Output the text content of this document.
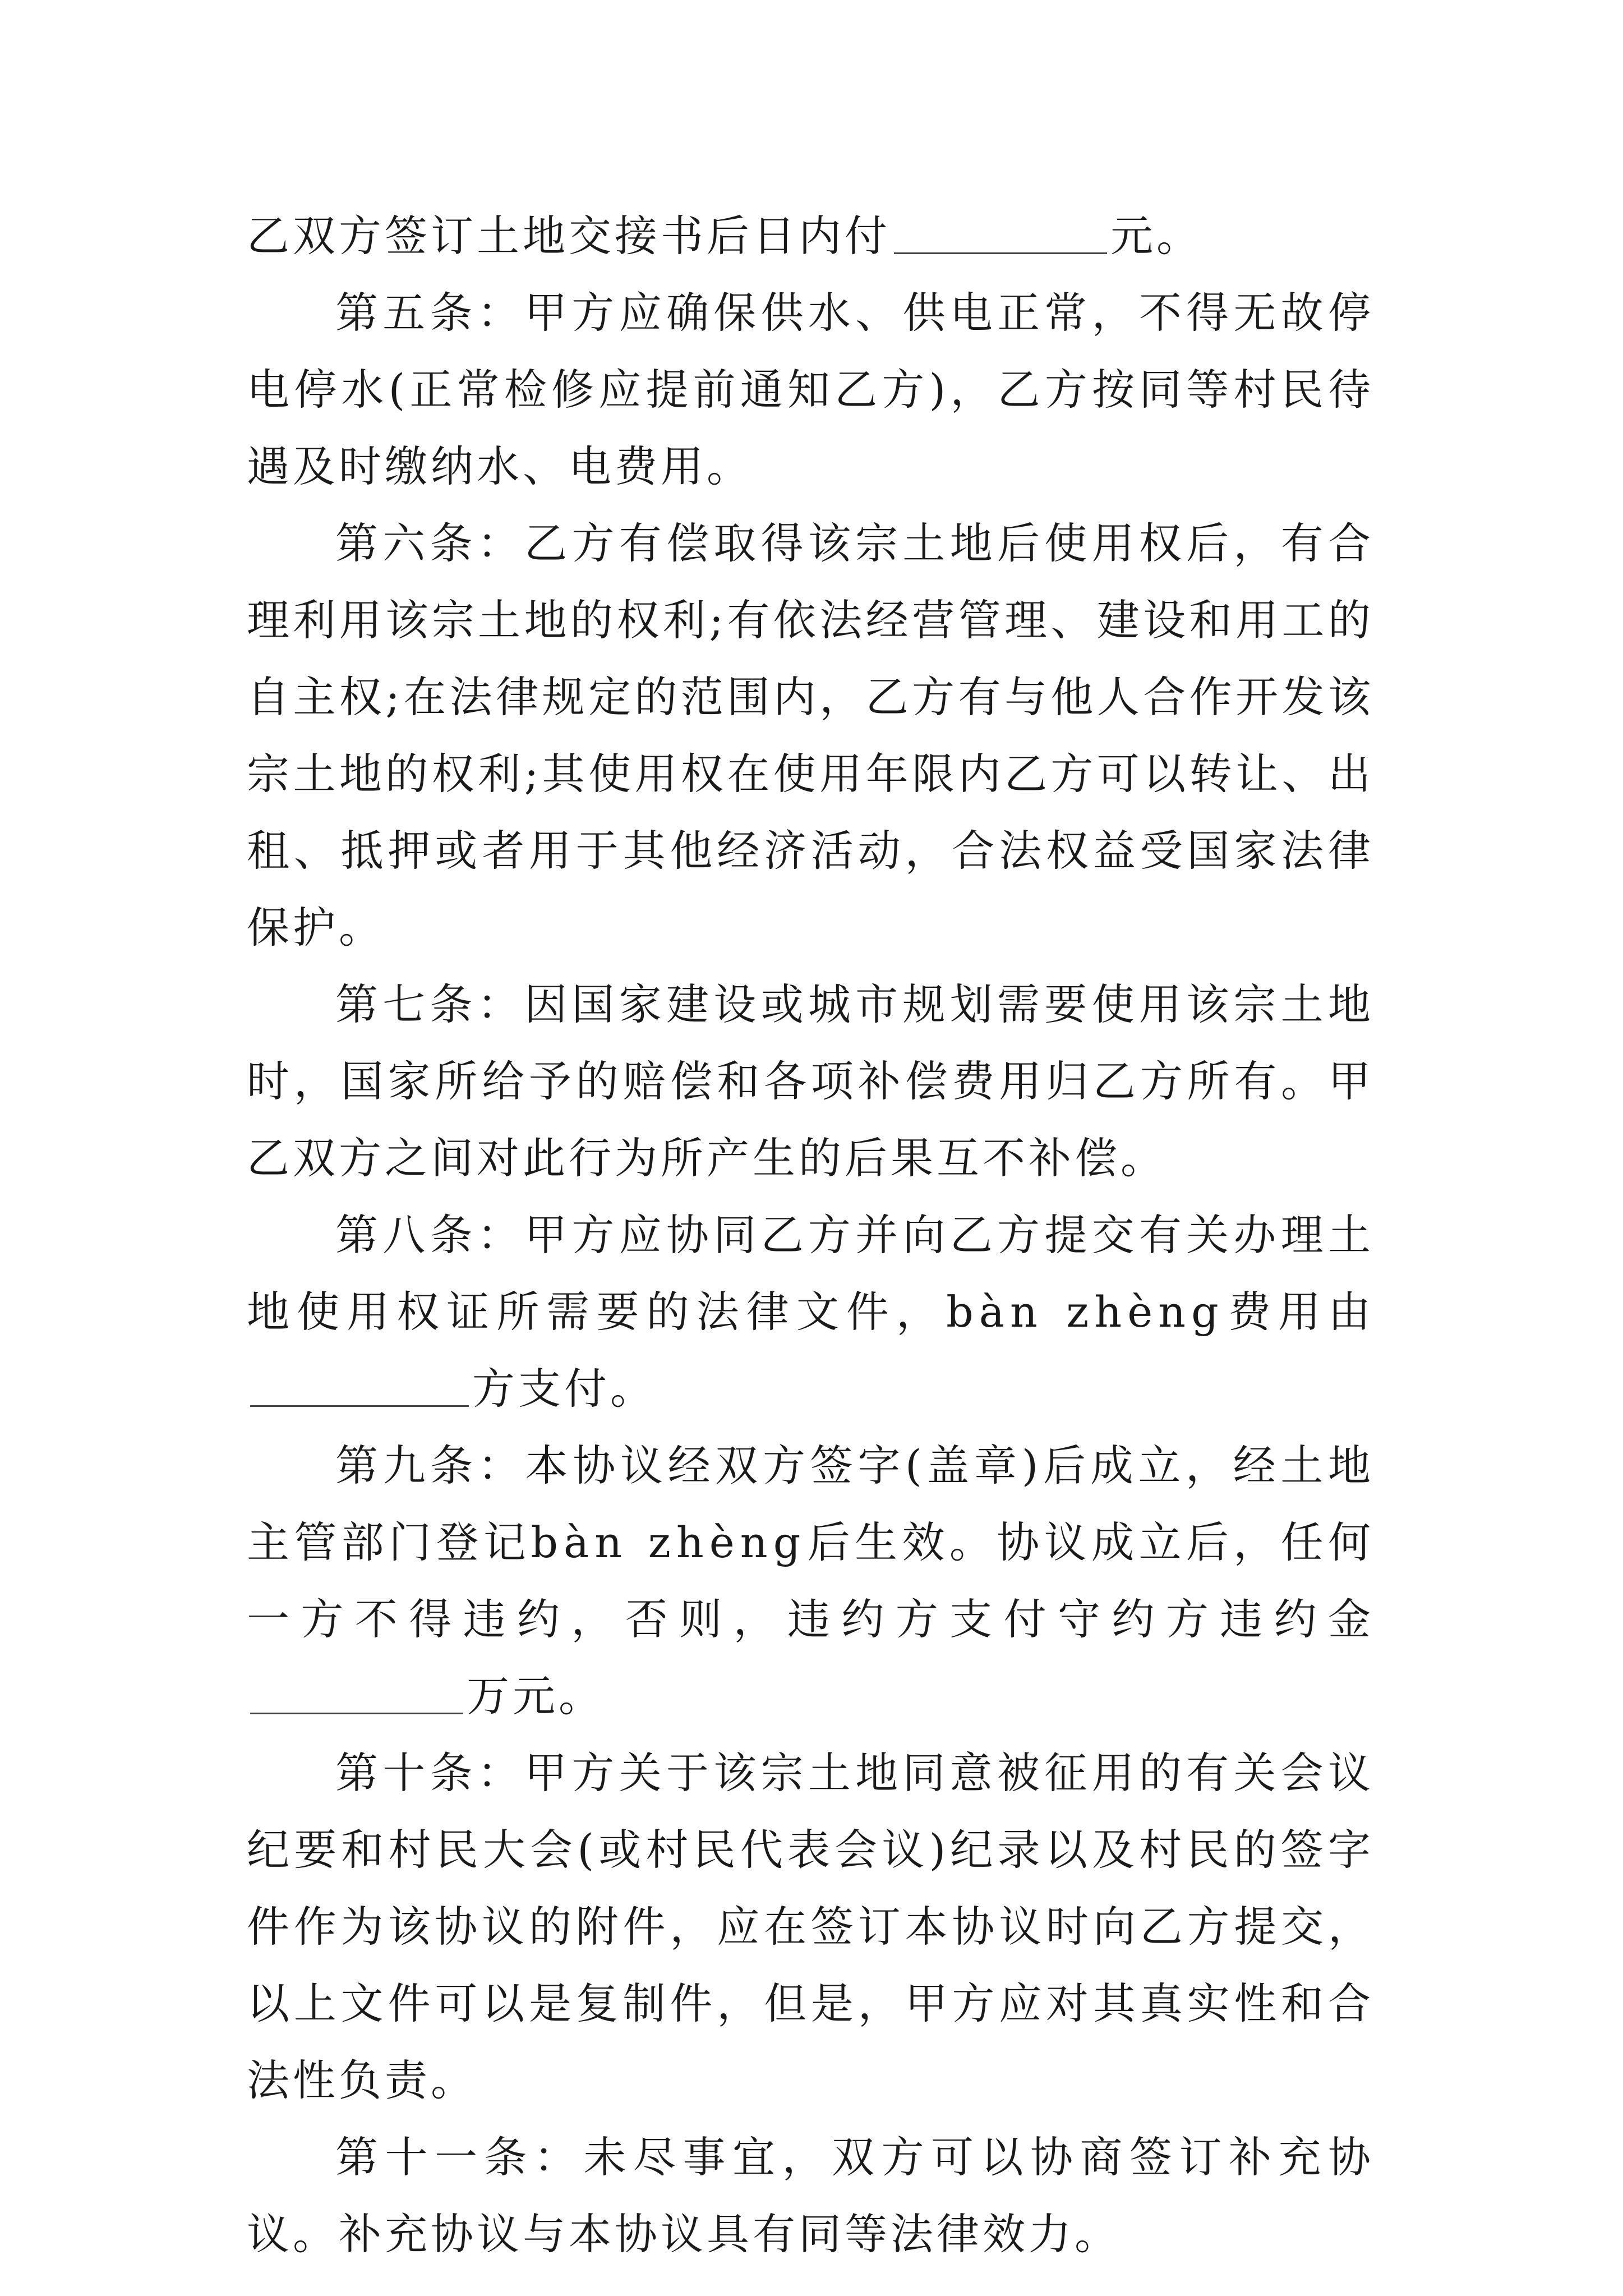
乙双方签订土地交接书后日内付	元。

第五条：甲方应确保供水、供电正常，不得无故停电停水(正常检修应提前通知乙方)，乙方按同等村民待遇及时缴纳水、电费用。

第六条：乙方有偿取得该宗土地后使用权后，有合理利用该宗土地的权利;有依法经营管理、建设和用工的自主权;在法律规定的范围内，乙方有与他人合作开发该宗土地的权利;其使用权在使用年限内乙方可以转让、出租、抵押或者用于其他经济活动，合法权益受国家法律保护。

第七条：因国家建设或城市规划需要使用该宗土地时，国家所给予的赔偿和各项补偿费用归乙方所有。甲乙双方之间对此行为所产生的后果互不补偿。

第八条：甲方应协同乙方并向乙方提交有关办理土地使用权证所需要的法律文件，bàn zhèng费用由方支付。

第九条：本协议经双方签字(盖章)后成立，经土地主管部门登记bàn zhèng后生效。协议成立后，任何一方不得违约，否则，违约方支付守约方违约金万元。

第十条：甲方关于该宗土地同意被征用的有关会议纪要和村民大会(或村民代表会议)纪录以及村民的签字件作为该协议的附件，应在签订本协议时向乙方提交，以上文件可以是复制件，但是，甲方应对其真实性和合法性负责。

第十一条：未尽事宜，双方可以协商签订补充协议。补充协议与本协议具有同等法律效力。
